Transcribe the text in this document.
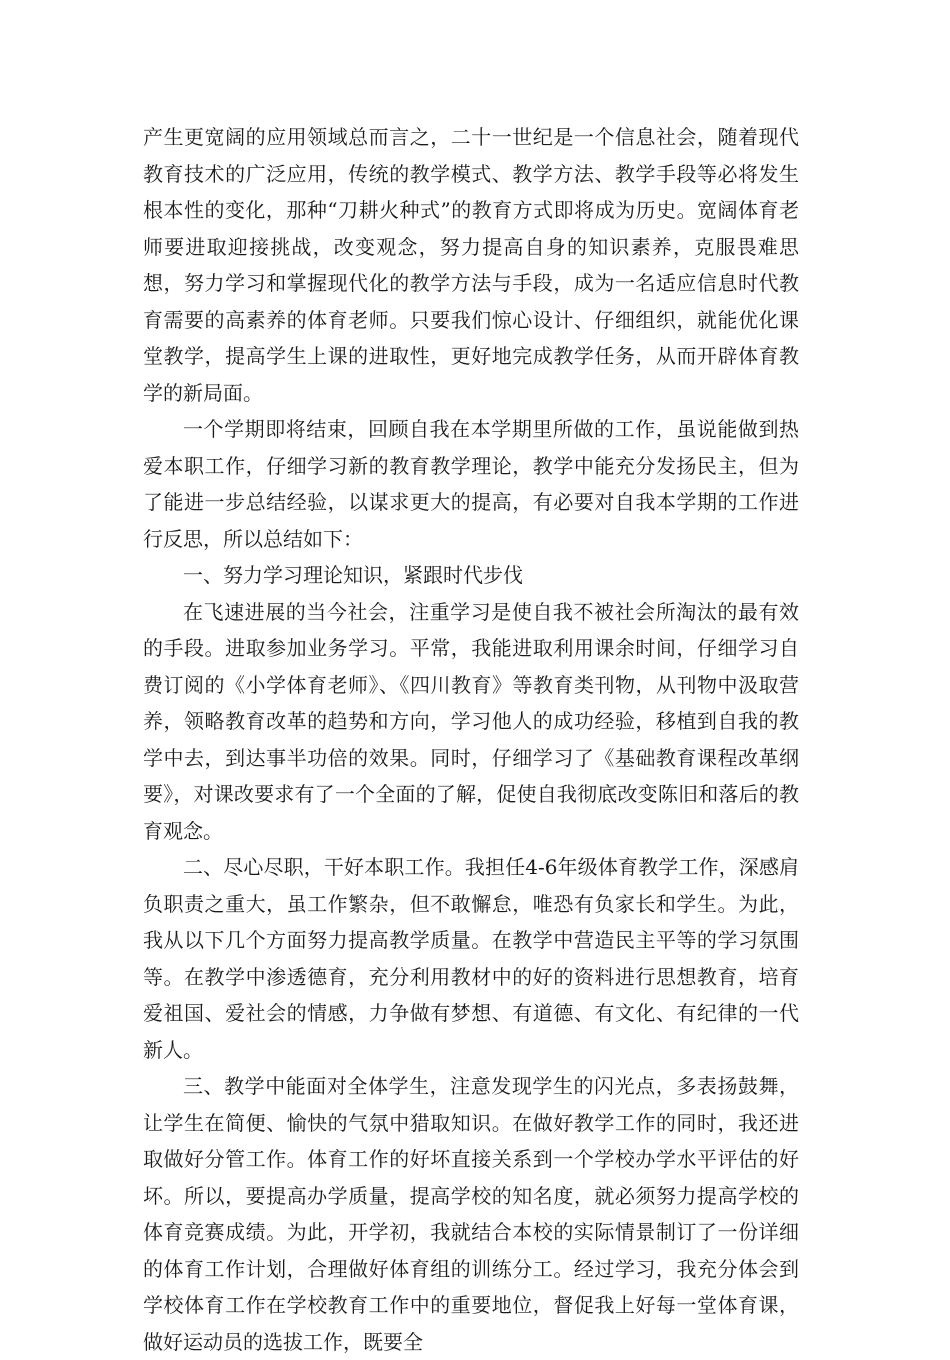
产生更宽阔的应用领域总而言之，二十一世纪是一个信息社会，随着现代教育技术的广泛应用，传统的教学模式、教学方法、教学手段等必将发生根本性的变化，那种“刀耕火种式”的教育方式即将成为历史。宽阔体育老师要进取迎接挑战，改变观念，努力提高自身的知识素养，克服畏难思想，努力学习和掌握现代化的教学方法与手段，成为一名适应信息时代教育需要的高素养的体育老师。只要我们惊心设计、仔细组织，就能优化课堂教学，提高学生上课的进取性，更好地完成教学任务，从而开辟体育教学的新局面。

一个学期即将结束，回顾自我在本学期里所做的工作，虽说能做到热爱本职工作，仔细学习新的教育教学理论，教学中能充分发扬民主，但为了能进一步总结经验，以谋求更大的提高，有必要对自我本学期的工作进行反思，所以总结如下：

一、努力学习理论知识，紧跟时代步伐

在飞速进展的当今社会，注重学习是使自我不被社会所淘汰的最有效的手段。进取参加业务学习。平常，我能进取利用课余时间，仔细学习自费订阅的《小学体育老师》、《四川教育》等教育类刊物，从刊物中汲取营养，领略教育改革的趋势和方向，学习他人的成功经验，移植到自我的教学中去，到达事半功倍的效果。同时，仔细学习了《基础教育课程改革纲要》，对课改要求有了一个全面的了解，促使自我彻底改变陈旧和落后的教育观念。

二、尽心尽职，干好本职工作。我担任4-6年级体育教学工作，深感肩负职责之重大，虽工作繁杂，但不敢懈怠，唯恐有负家长和学生。为此，我从以下几个方面努力提高教学质量。在教学中营造民主平等的学习氛围等。在教学中渗透德育，充分利用教材中的好的资料进行思想教育，培育爱祖国、爱社会的情感，力争做有梦想、有道德、有文化、有纪律的一代新人。

三、教学中能面对全体学生，注意发现学生的闪光点，多表扬鼓舞，让学生在简便、愉快的气氛中猎取知识。在做好教学工作的同时，我还进取做好分管工作。体育工作的好坏直接关系到一个学校办学水平评估的好坏。所以，要提高办学质量，提高学校的知名度，就必须努力提高学校的体育竞赛成绩。为此，开学初，我就结合本校的实际情景制订了一份详细的体育工作计划，合理做好体育组的训练分工。经过学习，我充分体会到学校体育工作在学校教育工作中的重要地位，督促我上好每一堂体育课，做好运动员的选拔工作，既要全
